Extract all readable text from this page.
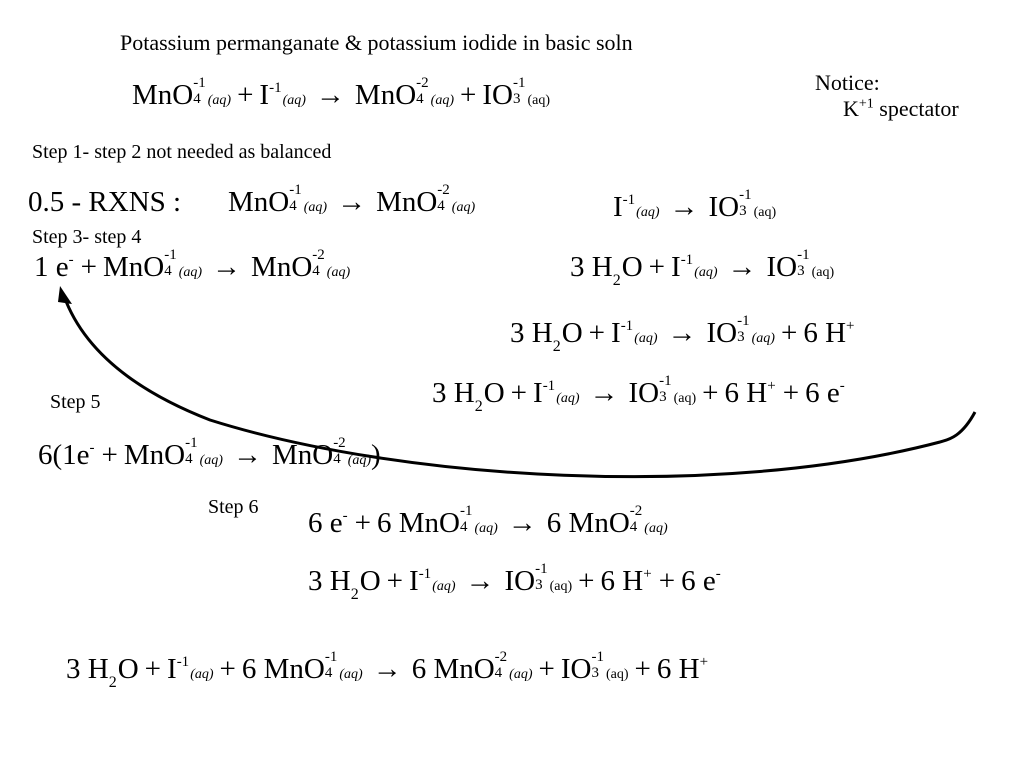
Potassium permanganate & potassium iodide in basic soln
Notice:
$K^{+1}$ spectator
Step 1- step 2 not needed as balanced
Step 3- step 4
Step 5
Step 6
0.5 - RXNS :
MnO -1
4 $(aq) + I^{-1}(aq)$ → MnO -2
4 (aq) + IO -1
3 (aq)
MnO -1
4 (aq) → MnO -2
4 (aq)	$I^{-1}(aq)$ → IO -1
3 (aq)
1 e- + MnO -1
4 (aq) → MnO -2
4 (aq)	3 $H_2O + I^{-1}(aq)$ → IO -1
3 (aq)
3 $H_2O + I^{-1}(aq)$ → IO -1
3 (aq) + 6 H+
3 $H_2O + I^{-1}(aq)$ → IO -1
3 (aq) + 6 H+ + 6 e-
6(1e- + MnO -1
4 (aq) → MnO -2
4 (aq))
6 e- + 6 MnO -1
4 (aq) → 6 MnO -2
4 (aq)
3 $H_2O + I^{-1}(aq)$ → IO -1
3 (aq) + 6 H+ + 6 e-
3 $H_2O + I^{-1}(aq) + 6$ MnO -1
4 (aq) → 6 MnO -2
4 (aq) + IO -1
3 (aq) + 6 H+
